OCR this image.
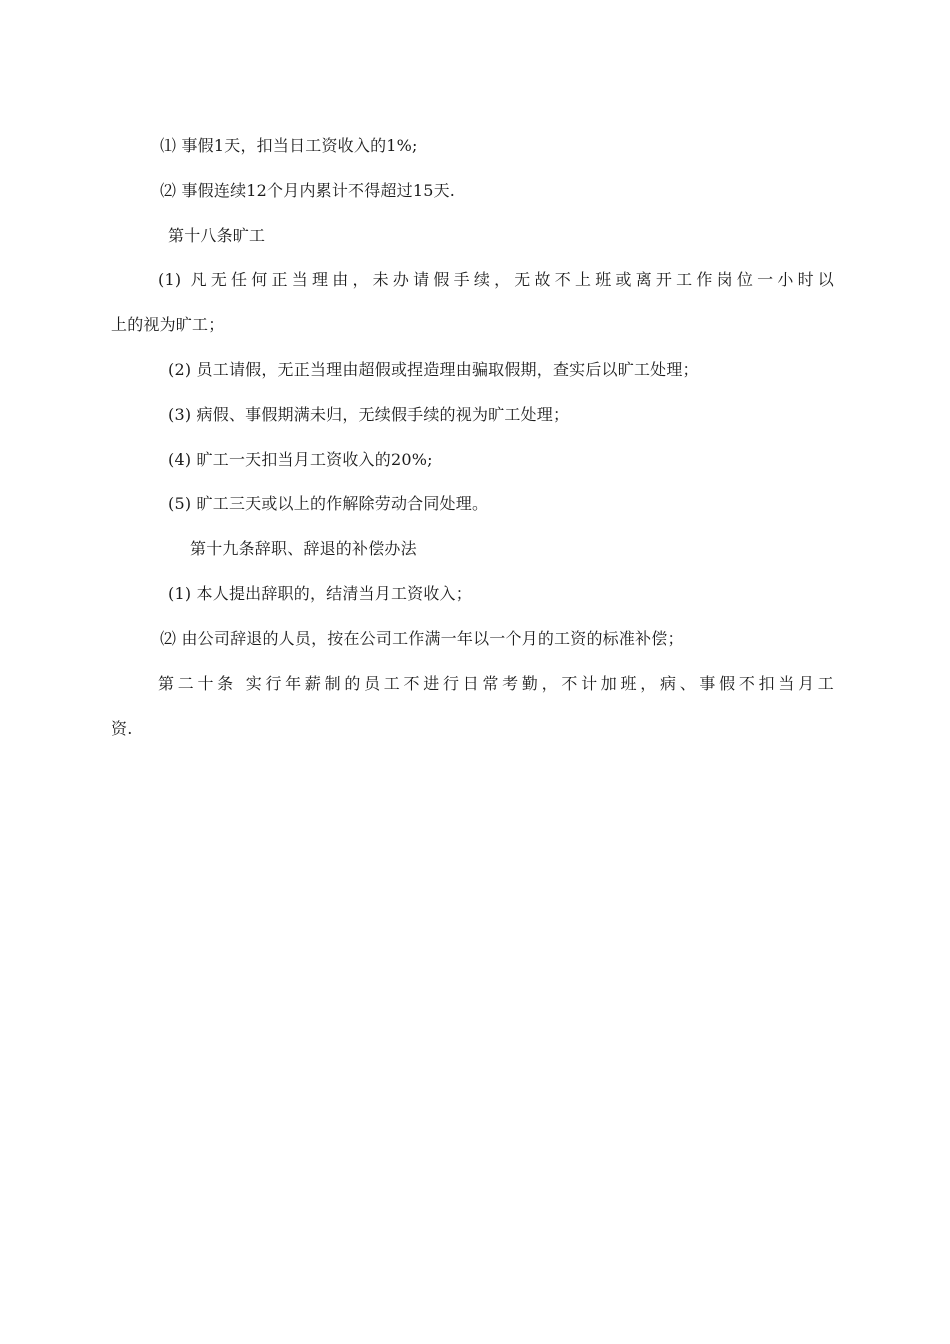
⑴ 事假1天，扣当日工资收入的1%;
⑵ 事假连续12个月内累计不得超过15天.
第十八条旷工
(1) 凡无任何正当理由，未办请假手续，无故不上班或离开工作岗位一小时以
上的视为旷工；
(2) 员工请假，无正当理由超假或捏造理由骗取假期，查实后以旷工处理；
(3) 病假、事假期满未归，无续假手续的视为旷工处理；
(4) 旷工一天扣当月工资收入的20%;
(5) 旷工三天或以上的作解除劳动合同处理。
第十九条辞职、辞退的补偿办法
(1) 本人提出辞职的，结清当月工资收入；
⑵ 由公司辞退的人员，按在公司工作满一年以一个月的工资的标准补偿；
第二十条 实行年薪制的员工不进行日常考勤，不计加班，病、事假不扣当月工
资.
